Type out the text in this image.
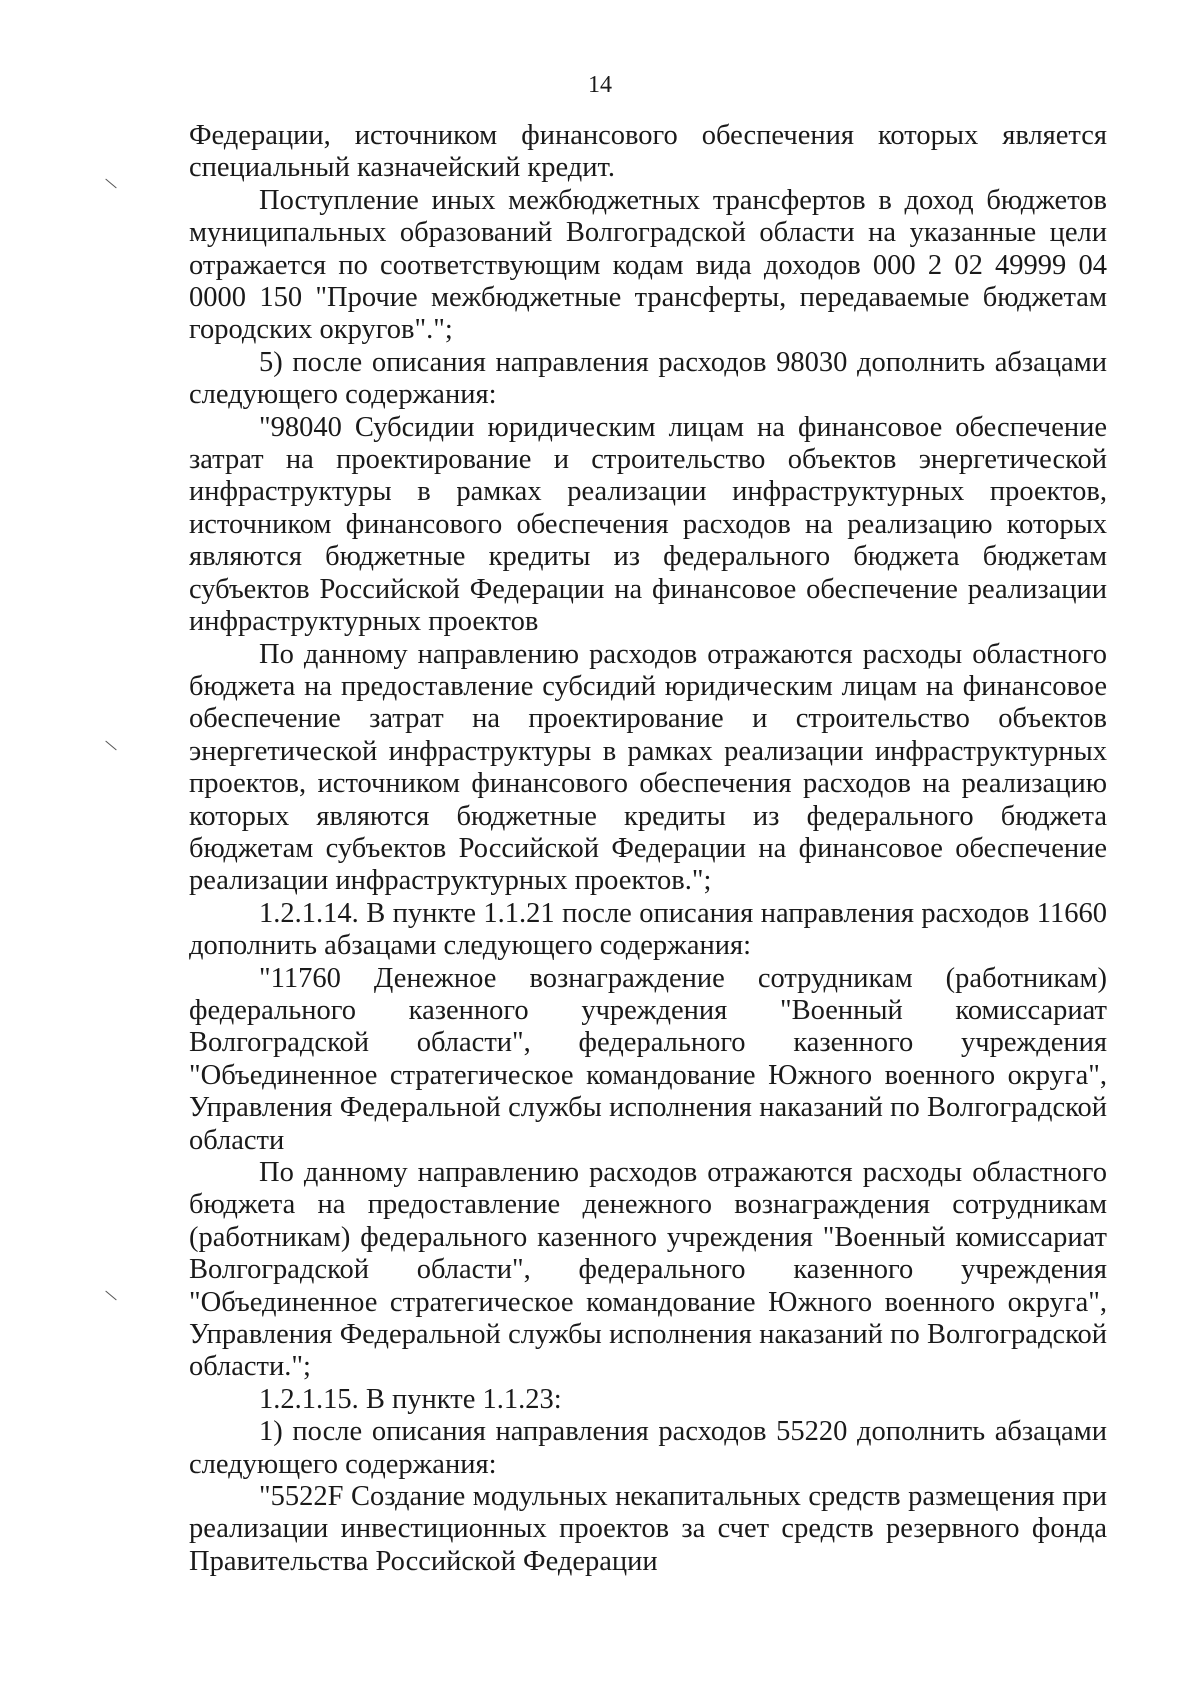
14

Федерации, источником финансового обеспечения которых является специальный казначейский кредит.

Поступление иных межбюджетных трансфертов в доход бюджетов муниципальных образований Волгоградской области на указанные цели отражается по соответствующим кодам вида доходов 000 2 02 49999 04 0000 150 "Прочие межбюджетные трансферты, передаваемые бюджетам городских округов".";

5) после описания направления расходов 98030 дополнить абзацами следующего содержания:

"98040 Субсидии юридическим лицам на финансовое обеспечение затрат на проектирование и строительство объектов энергетической инфраструктуры в рамках реализации инфраструктурных проектов, источником финансового обеспечения расходов на реализацию которых являются бюджетные кредиты из федерального бюджета бюджетам субъектов Российской Федерации на финансовое обеспечение реализации инфраструктурных проектов

По данному направлению расходов отражаются расходы областного бюджета на предоставление субсидий юридическим лицам на финансовое обеспечение затрат на проектирование и строительство объектов энергетической инфраструктуры в рамках реализации инфраструктурных проектов, источником финансового обеспечения расходов на реализацию которых являются бюджетные кредиты из федерального бюджета бюджетам субъектов Российской Федерации на финансовое обеспечение реализации инфраструктурных проектов.";

1.2.1.14. В пункте 1.1.21 после описания направления расходов 11660 дополнить абзацами следующего содержания:

"11760 Денежное вознаграждение сотрудникам (работникам) федерального казенного учреждения "Военный комиссариат Волгоградской области", федерального казенного учреждения "Объединенное стратегическое командование Южного военного округа", Управления Федеральной службы исполнения наказаний по Волгоградской области

По данному направлению расходов отражаются расходы областного бюджета на предоставление денежного вознаграждения сотрудникам (работникам) федерального казенного учреждения "Военный комиссариат Волгоградской области", федерального казенного учреждения "Объединенное стратегическое командование Южного военного округа", Управления Федеральной службы исполнения наказаний по Волгоградской области.";

1.2.1.15. В пункте 1.1.23:

1) после описания направления расходов 55220 дополнить абзацами следующего содержания:

"5522F Создание модульных некапитальных средств размещения при реализации инвестиционных проектов за счет средств резервного фонда Правительства Российской Федерации
